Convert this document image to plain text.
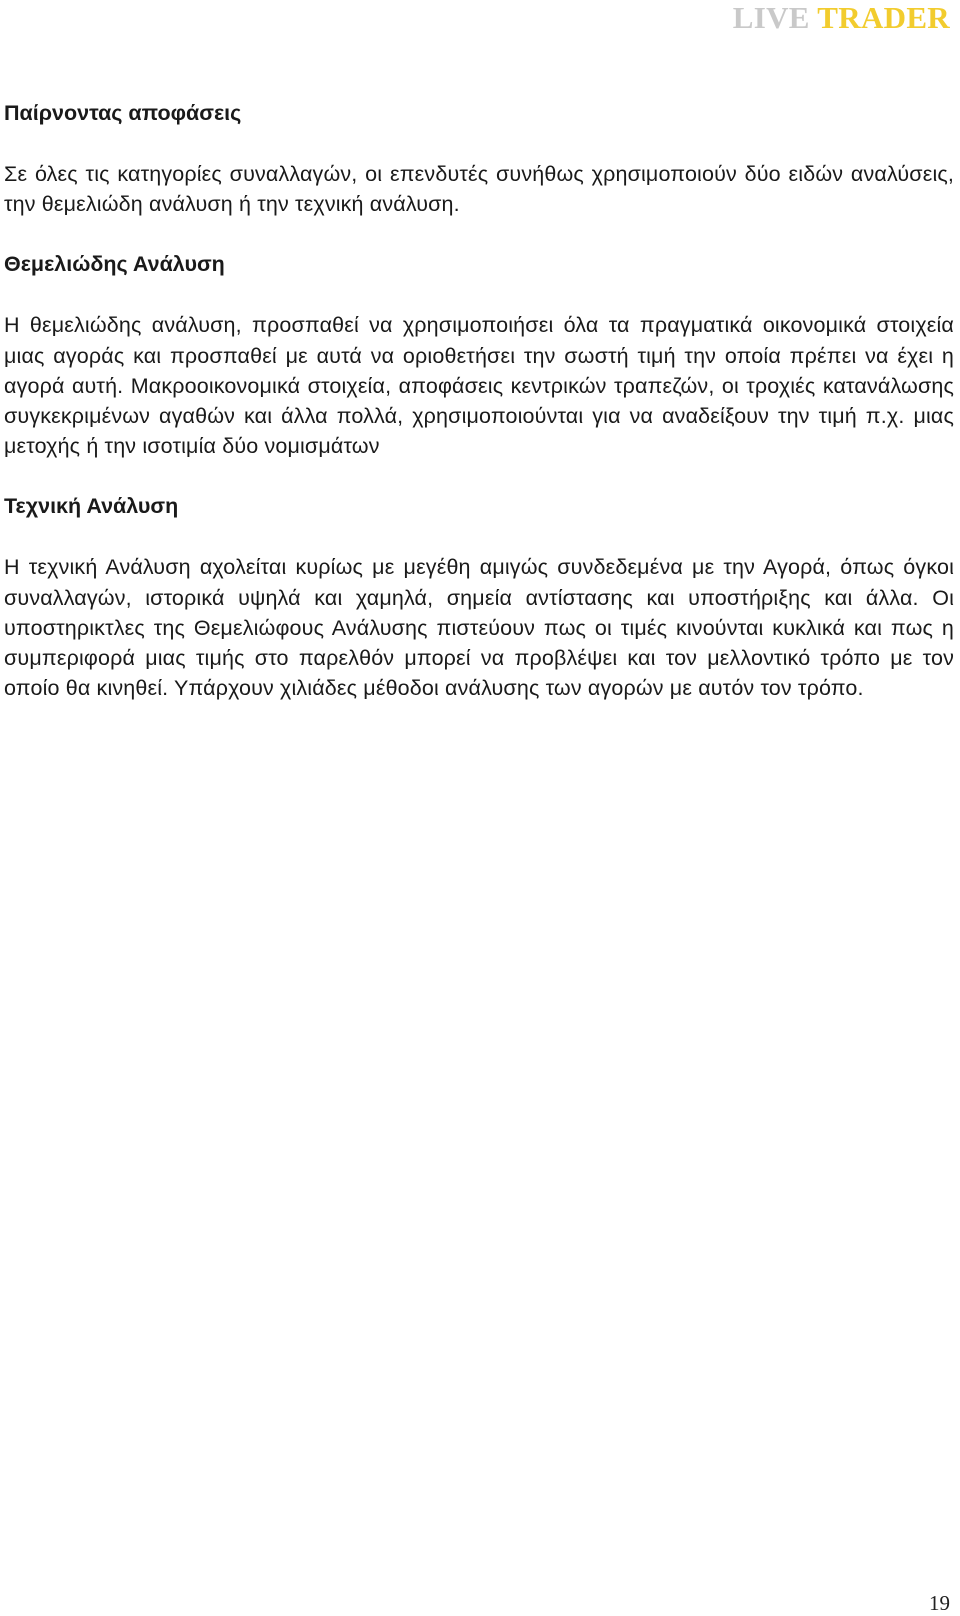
LIVE TRADER
Παίρνοντας αποφάσεις

Σε όλες τις κατηγορίες συναλλαγών, οι επενδυτές συνήθως χρησιμοποιούν δύο ειδών αναλύσεις, την θεμελιώδη ανάλυση ή την τεχνική ανάλυση.

Θεμελιώδης Ανάλυση

Η θεμελιώδης ανάλυση, προσπαθεί να χρησιμοποιήσει όλα τα πραγματικά οικονομικά στοιχεία μιας αγοράς και προσπαθεί με αυτά να οριοθετήσει την σωστή τιμή την οποία πρέπει να έχει η αγορά αυτή. Μακροοικονομικά στοιχεία, αποφάσεις κεντρικών τραπεζών, οι τροχιές κατανάλωσης συγκεκριμένων αγαθών και άλλα πολλά, χρησιμοποιούνται για να αναδείξουν την τιμή π.χ. μιας μετοχής ή την ισοτιμία δύο νομισμάτων

Τεχνική Ανάλυση

Η τεχνική Ανάλυση αχολείται κυρίως με μεγέθη αμιγώς συνδεδεμένα με την Αγορά, όπως όγκοι συναλλαγών, ιστορικά υψηλά και χαμηλά, σημεία αντίστασης και υποστήριξης και άλλα. Οι υποστηρικτλες της Θεμελιώφους Ανάλυσης πιστεύουν πως οι τιμές κινούνται κυκλικά και πως η συμπεριφορά μιας τιμής στο παρελθόν μπορεί να προβλέψει και τον μελλοντικό τρόπο με τον οποίο θα κινηθεί. Υπάρχουν χιλιάδες μέθοδοι ανάλυσης των αγορών με αυτόν τον τρόπο.

19
